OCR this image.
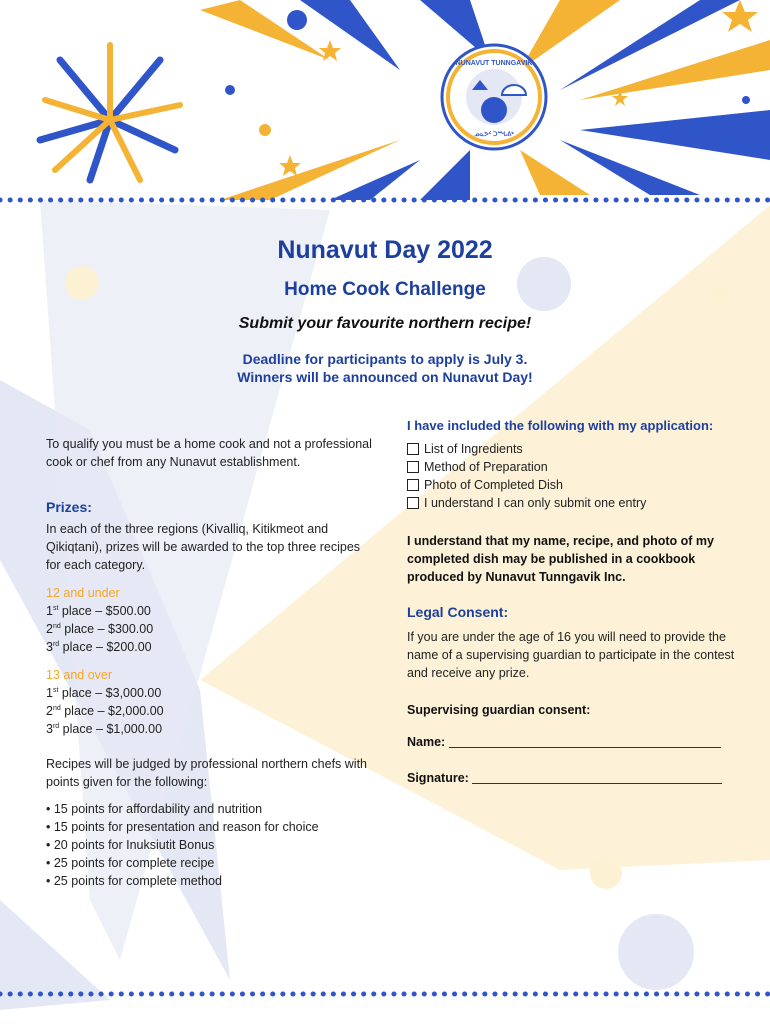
NUNAVUT TUNNGAVIK
ᓄᓇᕗᑦ ᑐᙵᕕᒃ
Nunavut Day 2022
Home Cook Challenge
Submit your favourite northern recipe!
Deadline for participants to apply is July 3.
Winners will be announced on Nunavut Day!
To qualify you must be a home cook and not a professional cook or chef from any Nunavut establishment.
Prizes:
In each of the three regions (Kivalliq, Kitikmeot and Qikiqtani), prizes will be awarded to the top three recipes for each category.
12 and under
1st place – $500.00
2nd place – $300.00
3rd place – $200.00
13 and over
1st place – $3,000.00
2nd place – $2,000.00
3rd place – $1,000.00
Recipes will be judged by professional northern chefs with points given for the following:
• 15 points for affordability and nutrition
• 15 points for presentation and reason for choice
• 20 points for Inuksiutit Bonus
• 25 points for complete recipe
• 25 points for complete method
I have included the following with my application:
List of Ingredients
Method of Preparation
Photo of Completed Dish
I understand I can only submit one entry
I understand that my name, recipe, and photo of my completed dish may be published in a cookbook produced by Nunavut Tunngavik Inc.
Legal Consent:
If you are under the age of 16 you will need to provide the name of a supervising guardian to participate in the contest and receive any prize.
Supervising guardian consent:
Name:
Signature:
